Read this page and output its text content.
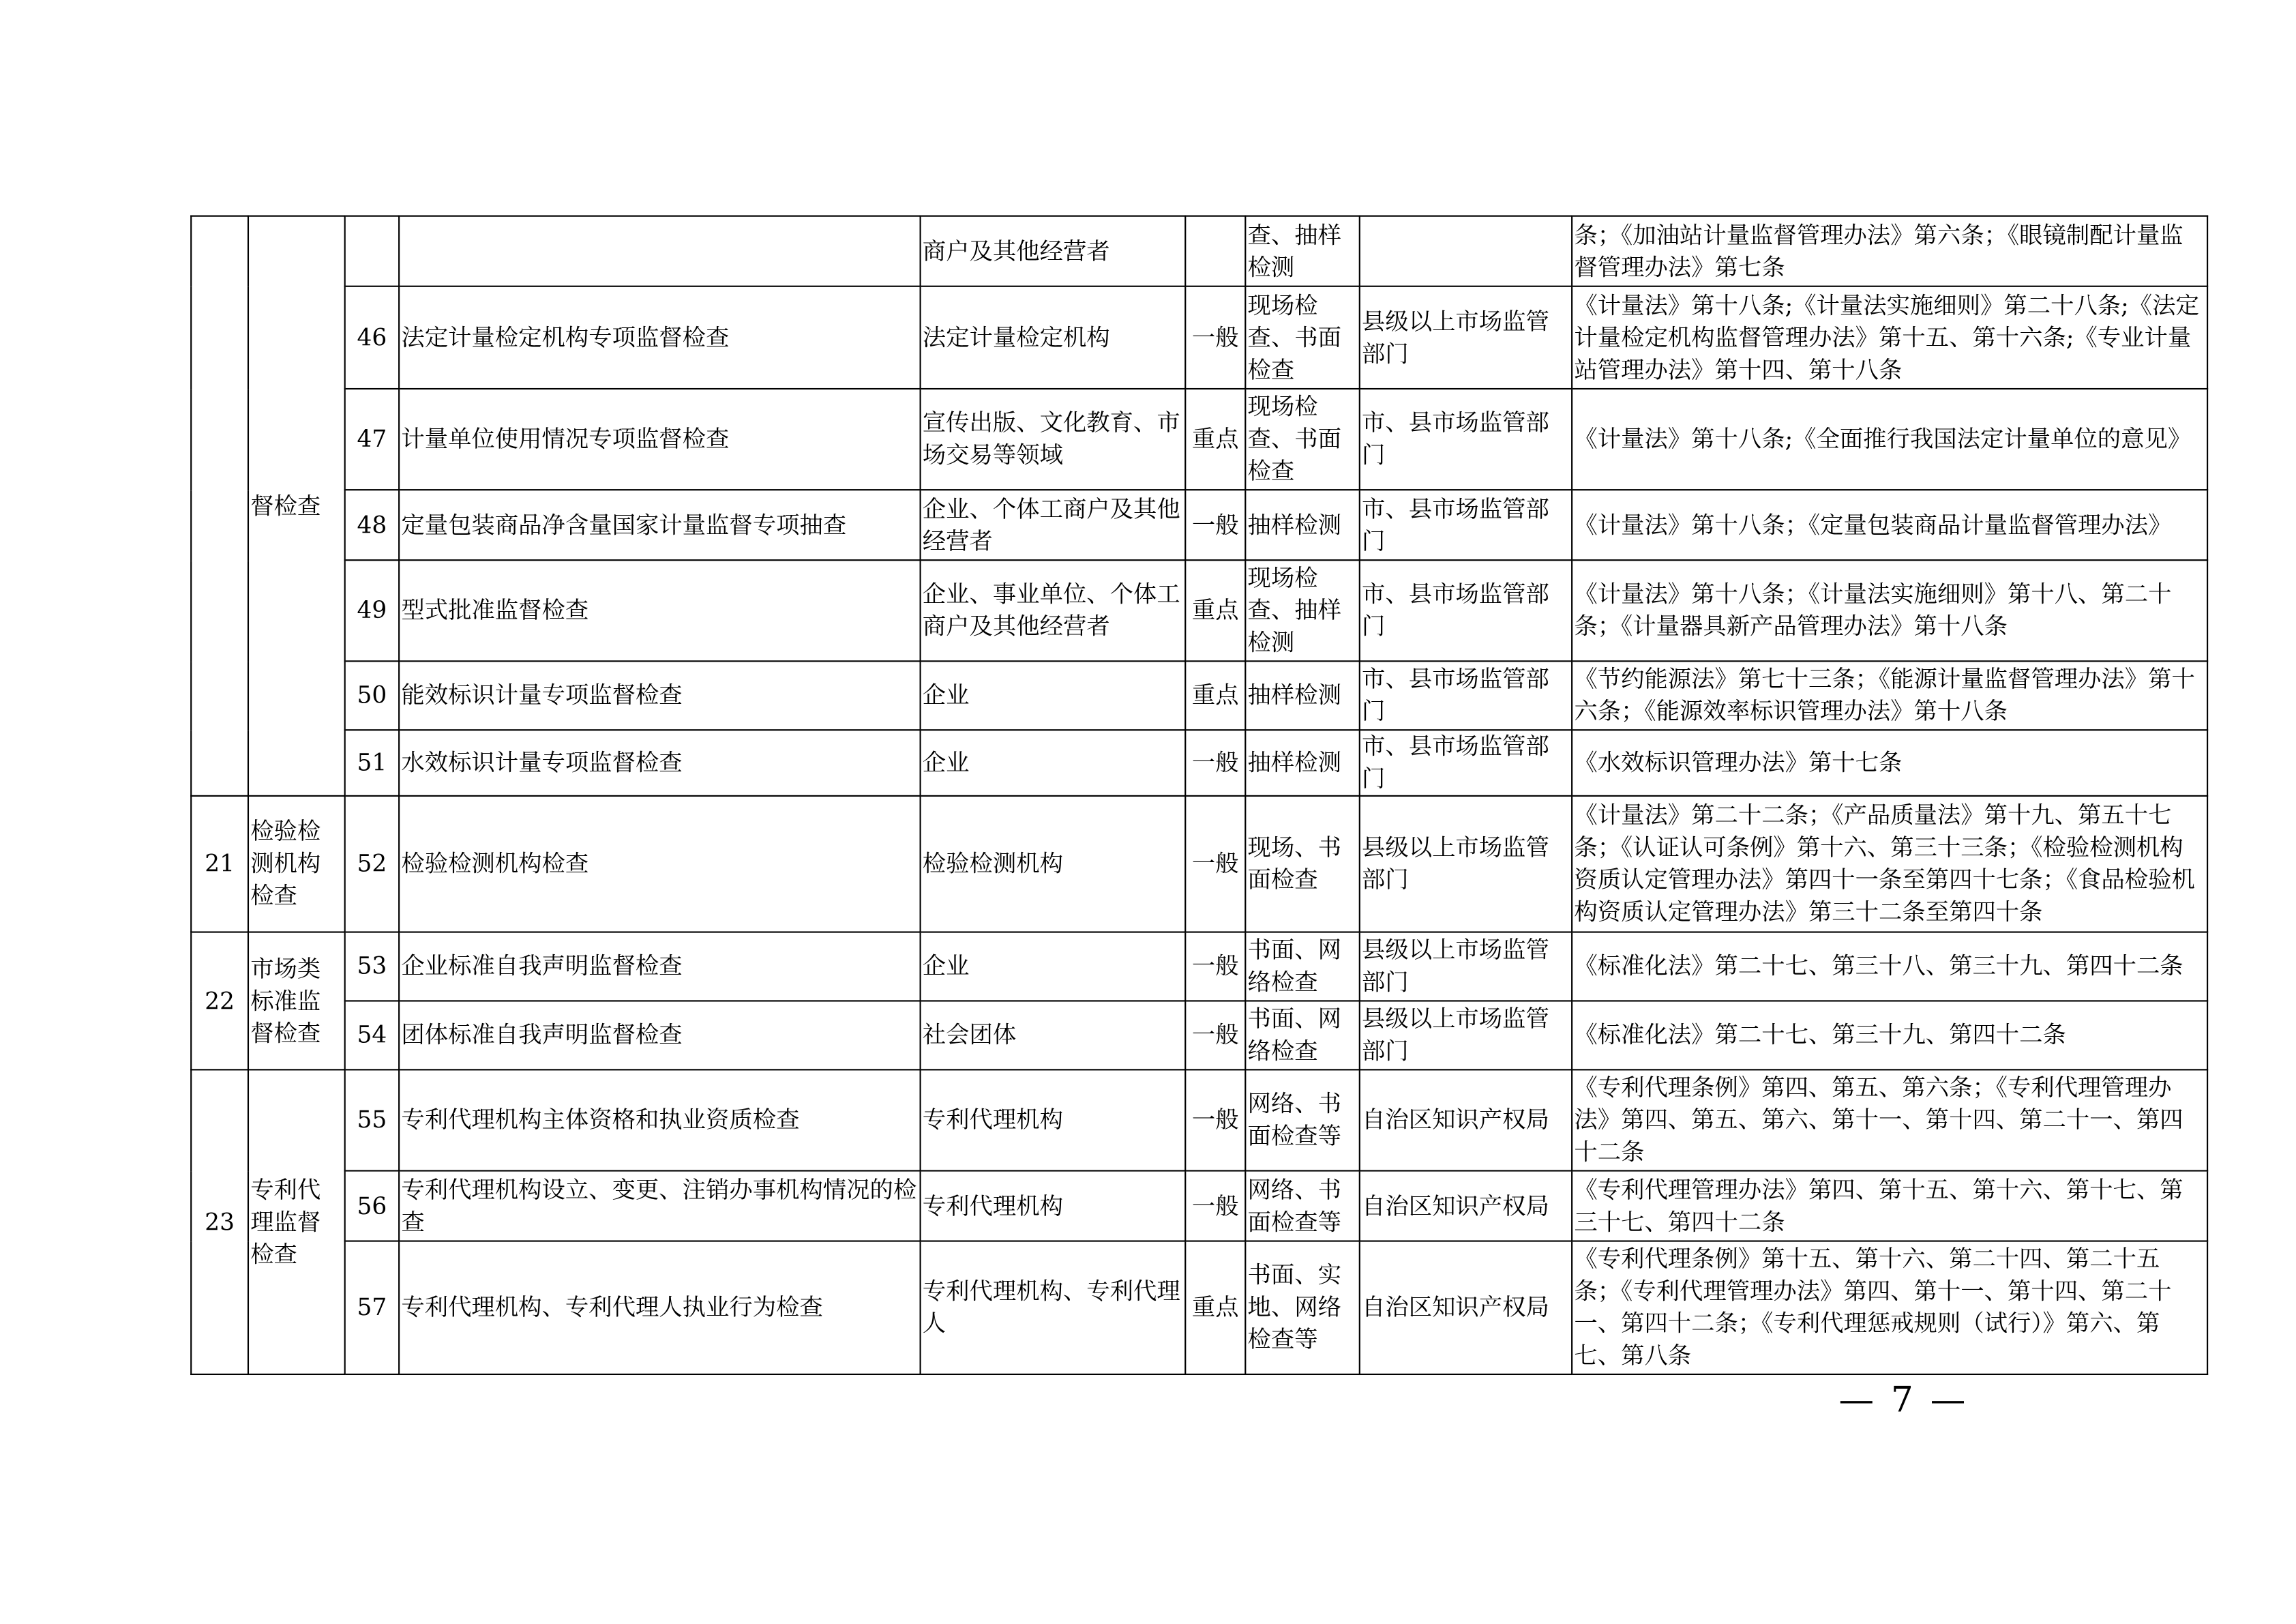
	督检查			商户及其他经营者		查、抽样检测		条；《加油站计量监督管理办法》第六条；《眼镜制配计量监督管理办法》第七条
		46	法定计量检定机构专项监督检查	法定计量检定机构	一般	现场检查、书面检查	县级以上市场监管部门	《计量法》第十八条;《计量法实施细则》第二十八条;《法定计量检定机构监督管理办法》第十五、第十六条;《专业计量站管理办法》第十四、第十八条
		47	计量单位使用情况专项监督检查	宣传出版、文化教育、市场交易等领域	重点	现场检查、书面检查	市、县市场监管部门	《计量法》第十八条;《全面推行我国法定计量单位的意见》
		48	定量包装商品净含量国家计量监督专项抽查	企业、个体工商户及其他经营者	一般	抽样检测	市、县市场监管部门	《计量法》第十八条；《定量包装商品计量监督管理办法》
		49	型式批准监督检查	企业、事业单位、个体工商户及其他经营者	重点	现场检查、抽样检测	市、县市场监管部门	《计量法》第十八条；《计量法实施细则》第十八、第二十条；《计量器具新产品管理办法》第十八条
		50	能效标识计量专项监督检查	企业	重点	抽样检测	市、县市场监管部门	《节约能源法》第七十三条；《能源计量监督管理办法》第十六条；《能源效率标识管理办法》第十八条
		51	水效标识计量专项监督检查	企业	一般	抽样检测	市、县市场监管部门	《水效标识管理办法》第十七条
21	检验检测机构检查	52	检验检测机构检查	检验检测机构	一般	现场、书面检查	县级以上市场监管部门	《计量法》第二十二条；《产品质量法》第十九、第五十七条；《认证认可条例》第十六、第三十三条；《检验检测机构资质认定管理办法》第四十一条至第四十七条；《食品检验机构资质认定管理办法》第三十二条至第四十条
22	市场类标准监督检查	53	企业标准自我声明监督检查	企业	一般	书面、网络检查	县级以上市场监管部门	《标准化法》第二十七、第三十八、第三十九、第四十二条
		54	团体标准自我声明监督检查	社会团体	一般	书面、网络检查	县级以上市场监管部门	《标准化法》第二十七、第三十九、第四十二条
23	专利代理监督检查	55	专利代理机构主体资格和执业资质检查	专利代理机构	一般	网络、书面检查等	自治区知识产权局	《专利代理条例》第四、第五、第六条；《专利代理管理办法》第四、第五、第六、第十一、第十四、第二十一、第四十二条
		56	专利代理机构设立、变更、注销办事机构情况的检查	专利代理机构	一般	网络、书面检查等	自治区知识产权局	《专利代理管理办法》第四、第十五、第十六、第十七、第三十七、第四十二条
		57	专利代理机构、专利代理人执业行为检查	专利代理机构、专利代理人	重点	书面、实地、网络检查等	自治区知识产权局	《专利代理条例》第十五、第十六、第二十四、第二十五条；《专利代理管理办法》第四、第十一、第十四、第二十一、第四十二条；《专利代理惩戒规则（试行）》第六、第七、第八条
— 7 —
